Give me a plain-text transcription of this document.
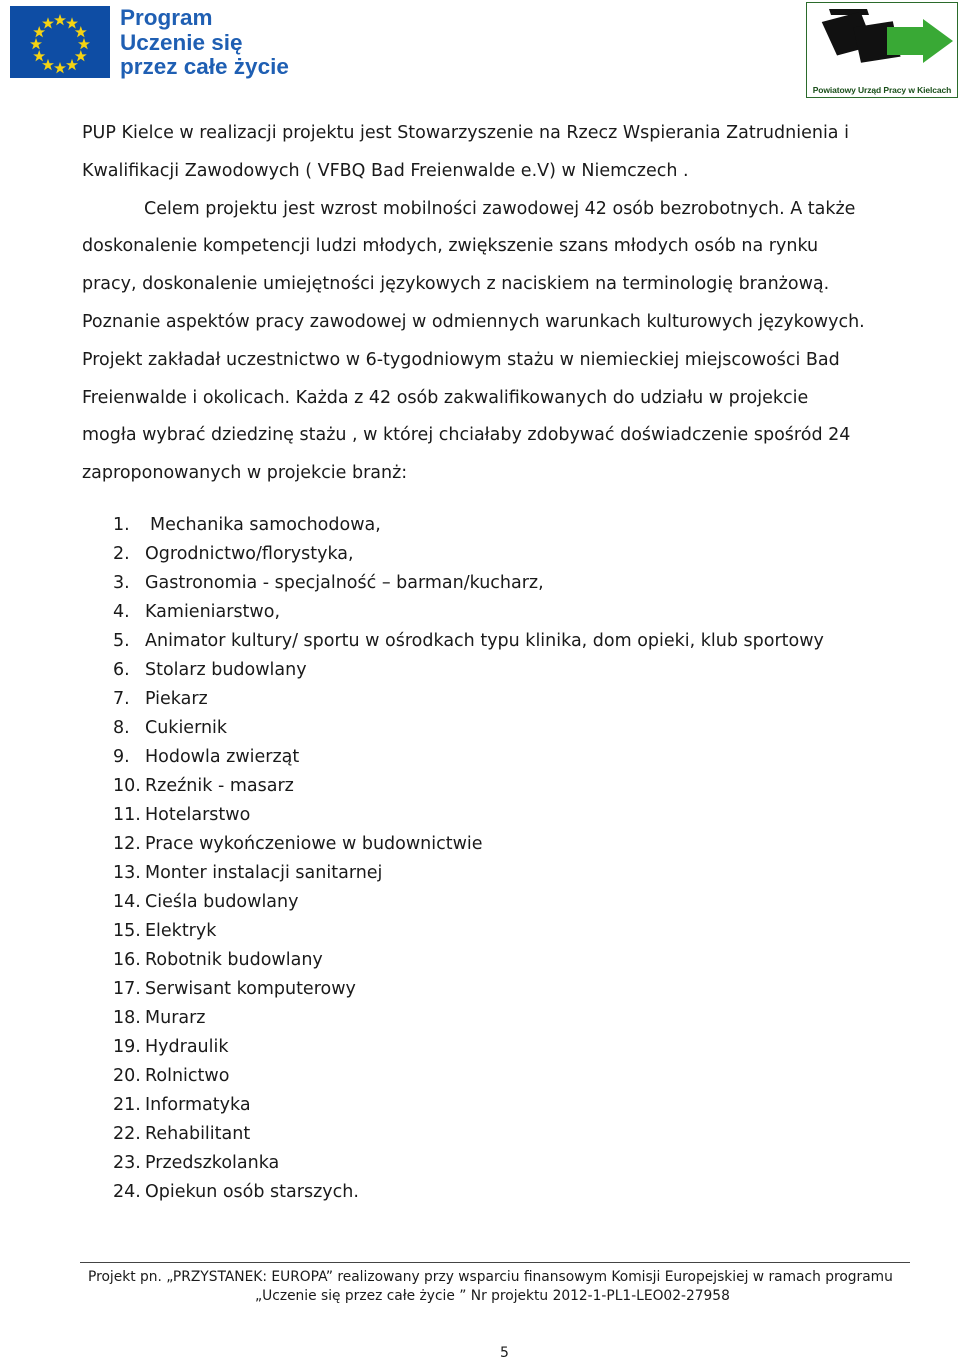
Program
Uczenie się
przez całe życie
Powiatowy Urząd Pracy w Kielcach

PUP Kielce w realizacji projektu jest Stowarzyszenie na Rzecz Wspierania Zatrudnienia i

Kwalifikacji Zawodowych ( VFBQ Bad Freienwalde e.V) w Niemczech .

Celem projektu jest wzrost mobilności zawodowej 42 osób bezrobotnych. A także

doskonalenie kompetencji ludzi młodych, zwiększenie szans młodych osób na rynku

pracy, doskonalenie umiejętności językowych z naciskiem na terminologię branżową.

Poznanie aspektów pracy zawodowej w odmiennych warunkach kulturowych językowych.

Projekt zakładał uczestnictwo w 6-tygodniowym stażu w niemieckiej miejscowości Bad

Freienwalde i okolicach. Każda z 42 osób zakwalifikowanych do udziału w projekcie

mogła wybrać dziedzinę stażu , w której chciałaby zdobywać doświadczenie spośród 24

zaproponowanych w projekcie branż:

1.	Mechanika samochodowa,
2. Ogrodnictwo/florystyka,
3. Gastronomia - specjalność – barman/kucharz,
4. Kamieniarstwo,
5. Animator kultury/ sportu w ośrodkach typu klinika, dom opieki, klub sportowy
6. Stolarz budowlany
7. Piekarz
8. Cukiernik
9. Hodowla zwierząt
10. Rzeźnik - masarz
11. Hotelarstwo
12. Prace wykończeniowe w budownictwie
13. Monter instalacji sanitarnej
14. Cieśla budowlany
15. Elektryk
16. Robotnik budowlany
17. Serwisant komputerowy
18. Murarz
19. Hydraulik
20. Rolnictwo
21. Informatyka
22. Rehabilitant
23. Przedszkolanka
24. Opiekun osób starszych.
Projekt pn. „PRZYSTANEK: EUROPA” realizowany przy wsparciu finansowym Komisji Europejskiej w ramach programu
„Uczenie się przez całe życie ” Nr projektu 2012-1-PL1-LEO02-27958
5
